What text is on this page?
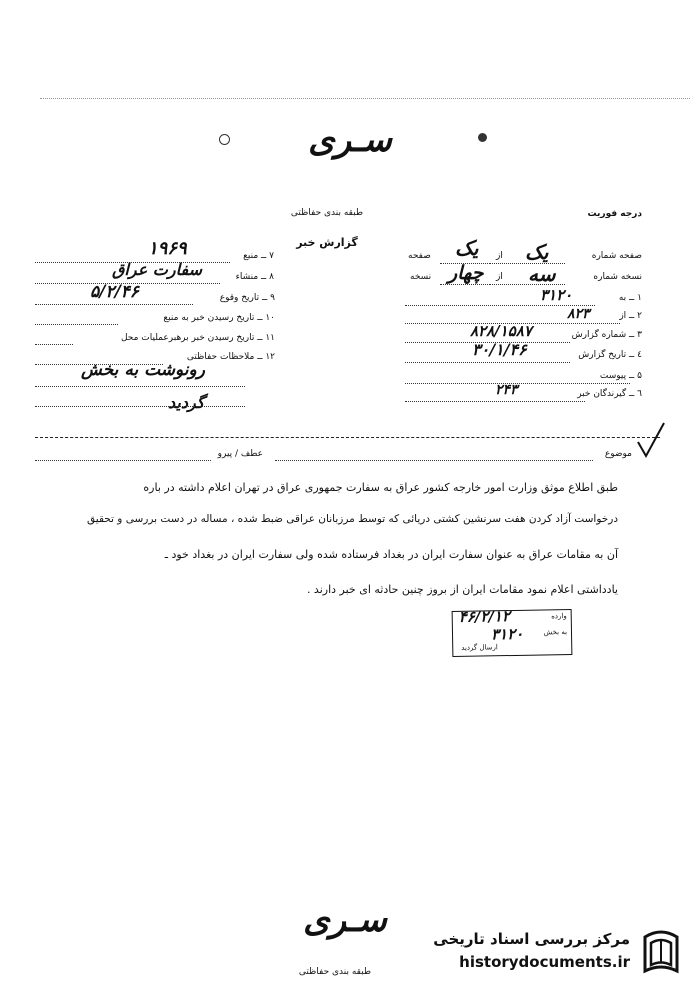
سـری
درجه فوریت
طبقه بندی حفاظتی
گزارش خبر
صفحه شماره
یک
از
یک
صفحه
نسخه شماره
سه
از
چهار
نسخه
۱ ــ به
۳۱۲۰
۲ ــ از
۸۲۳
۳ ــ شماره گزارش
۸۲۸/۱۵۸۷
٤ ــ تاریخ گزارش
۳۰/۱/۴۶
۵ ــ پیوست
٦ ــ گیرندگان خبر
۲۴۳
۷ ــ منبع
۱۹۶۹
۸ ــ منشاء
سفارت عراق
۹ ــ تاریخ وقوع
۵/۲/۴۶
۱۰ ــ تاریخ رسیدن خبر به منبع
۱۱ ــ تاریخ رسیدن خبر برهبرعملیات محل
۱۲ ــ ملاحظات حفاظتی
رونوشت به بخش
گردید
موضوع
عطف / پیرو
طبق اطلاع موثق وزارت امور خارجه کشور عراق به سفارت جمهوری عراق در تهران اعلام داشته در باره
درخواست آزاد کردن هفت سرنشین کشتی دریائی که توسط مرزبانان عراقی ضبط شده ، مساله در دست بررسی و تحقیق
آن به مقامات عراق به عنوان سفارت ایران در بغداد فرستاده شده ولی سفارت ایران در بغداد خود ـ
یادداشتی اعلام نمود مقامات ایران از بروز چنین حادثه ای خبر دارند .
وارده
۴۶/۲/۱۲
به بخش
۳۱۲۰
ارسال گردید
سـری
طبقه بندی حفاظتی
مرکز بررسی اسناد تاریخی
historydocuments.ir
